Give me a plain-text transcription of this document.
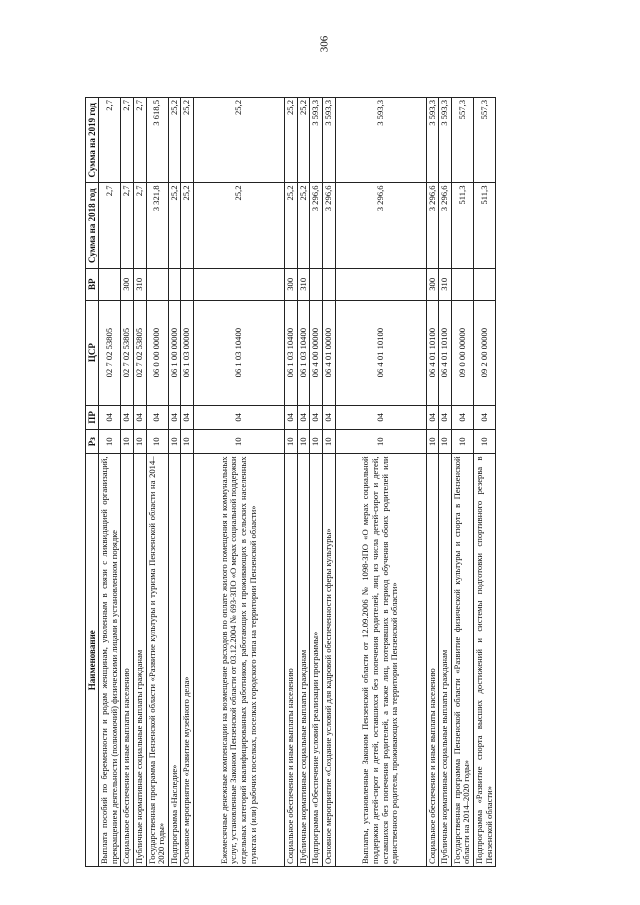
306
Наименование	Рз	ПР	ЦСР	ВР	Сумма на 2018 год	Сумма на 2019 год
Выплата пособий по беременности и родам женщинам, уволенным в связи с ликвидацией организаций, прекращением деятельности (полномочий) физическими лицами в установленном порядке	10	04	02 7 02 53805		2,7	2,7
Социальное обеспечение и иные выплаты населению	10	04	02 7 02 53805	300	2,7	2,7
Публичные нормативные социальные выплаты гражданам	10	04	02 7 02 53805	310	2,7	2,7
Государственная программа Пензенской области «Развитие культуры и туризма Пензенской области на 2014–2020 годы»	10	04	06 0 00 00000		3 321,8	3 618,5
Подпрограмма «Наследие»	10	04	06 1 00 00000		25,2	25,2
Основное мероприятие «Развитие музейного дела»	10	04	06 1 03 00000		25,2	25,2
Ежемесячные денежные компенсации на возмещение расходов по оплате жилого помещения и коммунальных услуг, установленные Законом Пензенской области от 03.12.2004 № 693-ЗПО «О мерах социальной поддержки отдельных категорий квалифицированных работников, работающих и проживающих в сельских населенных пунктах и (или) рабочих поселках, поселках городского типа на территории Пензенской области»	10	04	06 1 03 10400		25,2	25,2
Социальное обеспечение и иные выплаты населению	10	04	06 1 03 10400	300	25,2	25,2
Публичные нормативные социальные выплаты гражданам	10	04	06 1 03 10400	310	25,2	25,2
Подпрограмма «Обеспечение условий реализации программы»	10	04	06 4 00 00000		3 296,6	3 593,3
Основное мероприятие «Создание условий для кадровой обеспеченности сферы культуры»	10	04	06 4 01 00000		3 296,6	3 593,3
Выплаты, установленные Законом Пензенской области от 12.09.2006 № 1098-ЗПО «О мерах социальной поддержки детей-сирот и детей, оставшихся без попечения родителей, лиц из числа детей-сирот и детей, оставшихся без попечения родителей, а также лиц, потерявших в период обучения обоих родителей или единственного родителя, проживающих на территории Пензенской области»	10	04	06 4 01 10100		3 296,6	3 593,3
Социальное обеспечение и иные выплаты населению	10	04	06 4 01 10100	300	3 296,6	3 593,3
Публичные нормативные социальные выплаты гражданам	10	04	06 4 01 10100	310	3 296,6	3 593,3
Государственная программа Пензенской области «Развитие физической культуры и спорта в Пензенской области на 2014–2020 годы»	10	04	09 0 00 00000		511,3	557,3
Подпрограмма «Развитие спорта высших достижений и системы подготовки спортивного резерва в Пензенской области»	10	04	09 2 00 00000		511,3	557,3
